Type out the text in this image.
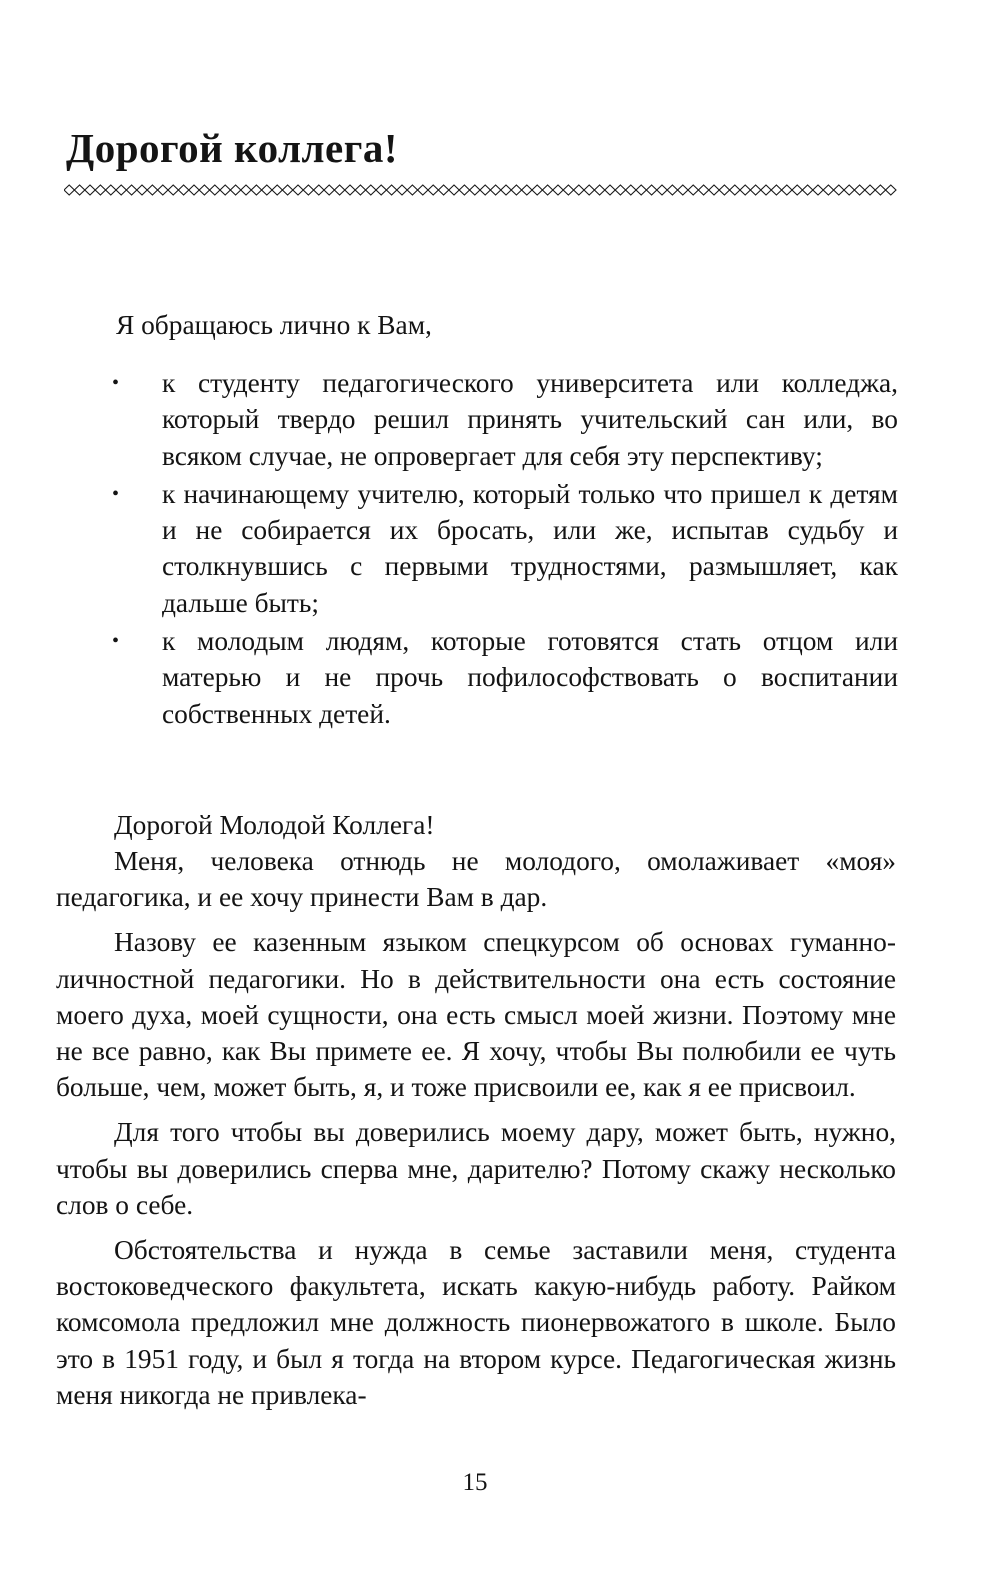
Дорогой коллега!

Я обращаюсь лично к Вам,

• к студенту педагогического университета или колледжа, который твердо решил принять учительский сан или, во всяком случае, не опровергает для себя эту перспективу;
• к начинающему учителю, который только что пришел к детям и не собирается их бросать, или же, испытав судьбу и столкнувшись с первыми трудностями, размышляет, как дальше быть;
• к молодым людям, которые готовятся стать отцом или матерью и не прочь пофилософствовать о воспитании собственных детей.

Дорогой Молодой Коллега!

Меня, человека отнюдь не молодого, омолаживает «моя» педагогика, и ее хочу принести Вам в дар.

Назову ее казенным языком спецкурсом об основах гуманно-личностной педагогики. Но в действительности она есть состояние моего духа, моей сущности, она есть смысл моей жизни. Поэтому мне не все равно, как Вы примете ее. Я хочу, чтобы Вы полюбили ее чуть больше, чем, может быть, я, и тоже присвоили ее, как я ее присвоил.

Для того чтобы вы доверились моему дару, может быть, нужно, чтобы вы доверились сперва мне, дарителю? Потому скажу несколько слов о себе.

Обстоятельства и нужда в семье заставили меня, студента востоковедческого факультета, искать какую-нибудь работу. Райком комсомола предложил мне должность пионервожатого в школе. Было это в 1951 году, и был я тогда на втором курсе. Педагогическая жизнь меня никогда не привлека-

15
